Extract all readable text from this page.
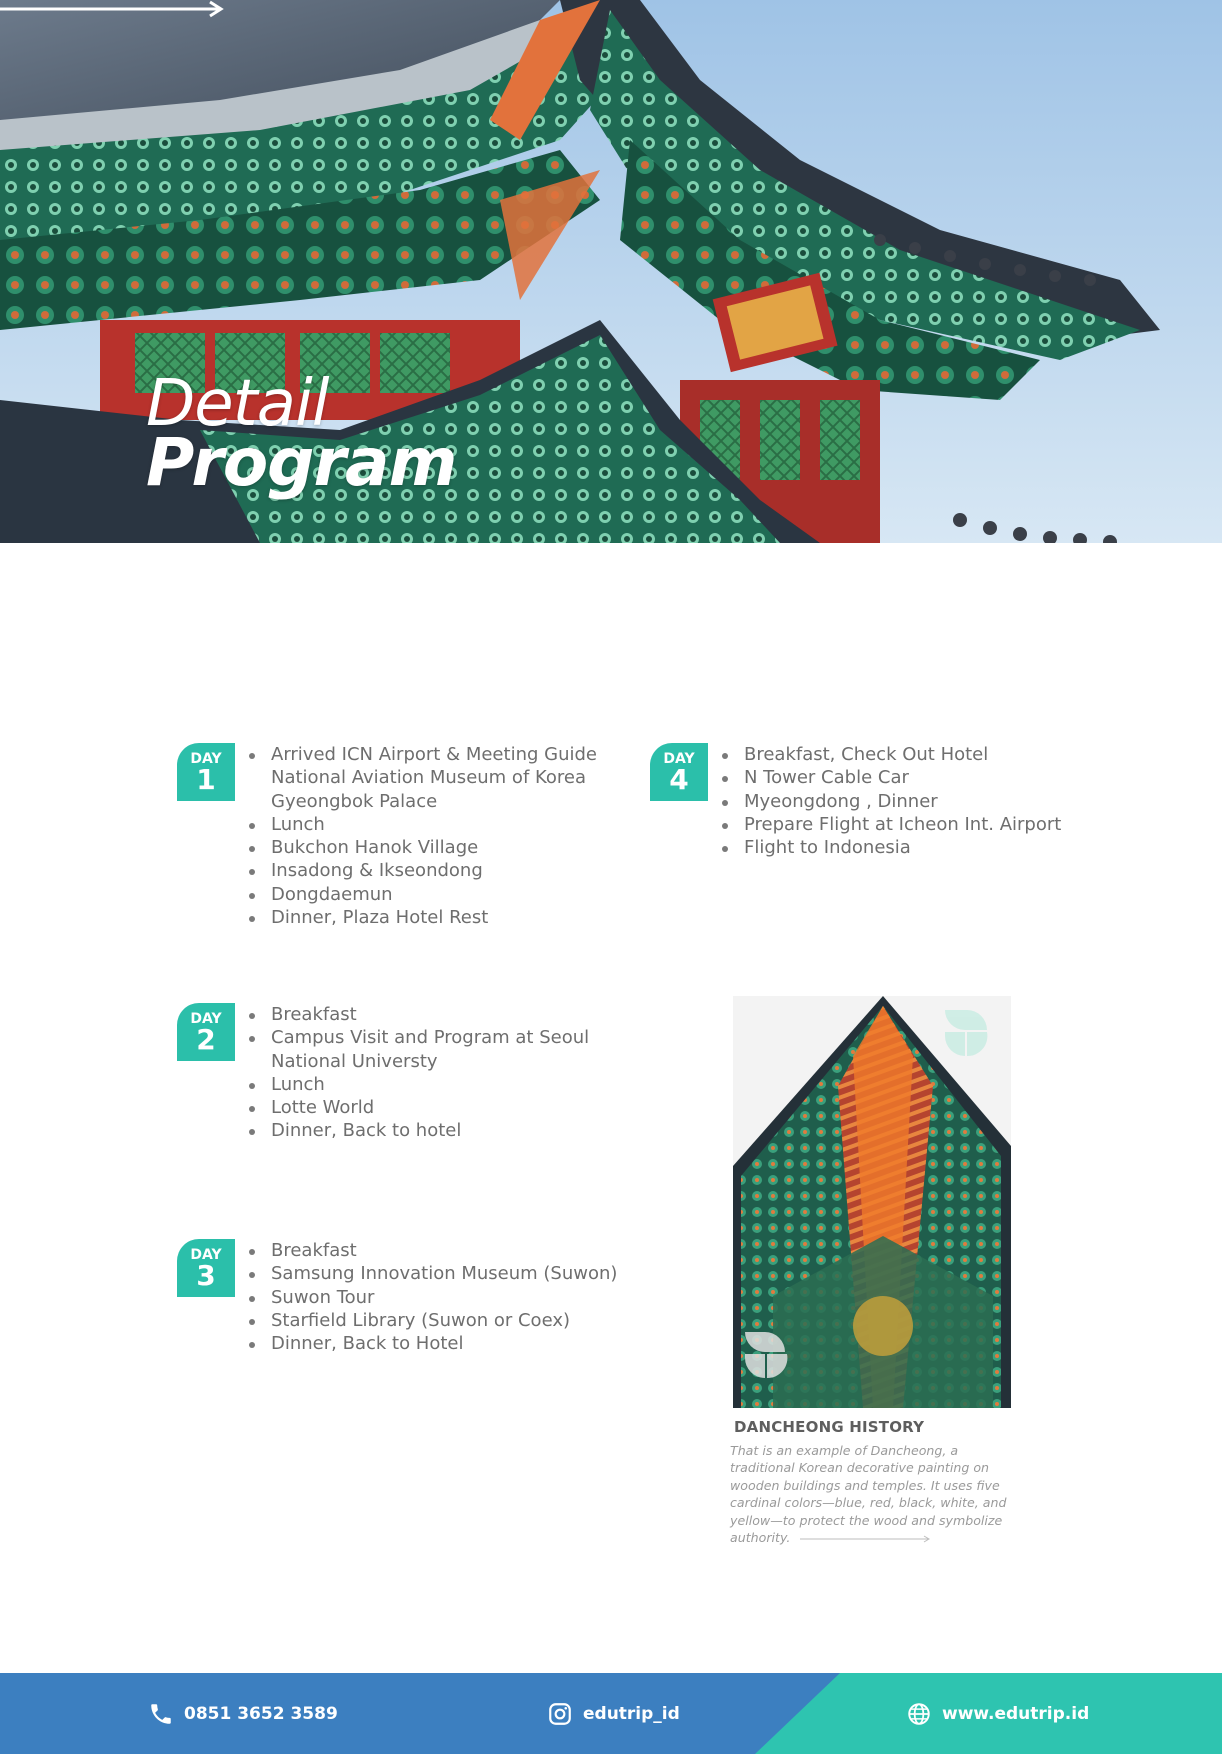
Detail
Program
DAY
1
Arrived ICN Airport & Meeting Guide
National Aviation Museum of Korea
Gyeongbok Palace
Lunch
Bukchon Hanok Village
Insadong & Ikseondong
Dongdaemun
Dinner, Plaza Hotel Rest
DAY
2
Breakfast
Campus Visit and Program at Seoul
National Universty
Lunch
Lotte World
Dinner, Back to hotel
DAY
3
Breakfast
Samsung Innovation Museum (Suwon)
Suwon Tour
Starfield Library (Suwon or Coex)
Dinner, Back to Hotel
DAY
4
Breakfast, Check Out Hotel
N Tower Cable Car
Myeongdong , Dinner
Prepare Flight at Icheon Int. Airport
Flight to Indonesia
DANCHEONG HISTORY
That is an example of Dancheong, a traditional Korean decorative painting on wooden buildings and temples. It uses five cardinal colors—blue, red, black, white, and yellow—to protect the wood and symbolize authority.
0851 3652 3589	edutrip_id	www.edutrip.id
